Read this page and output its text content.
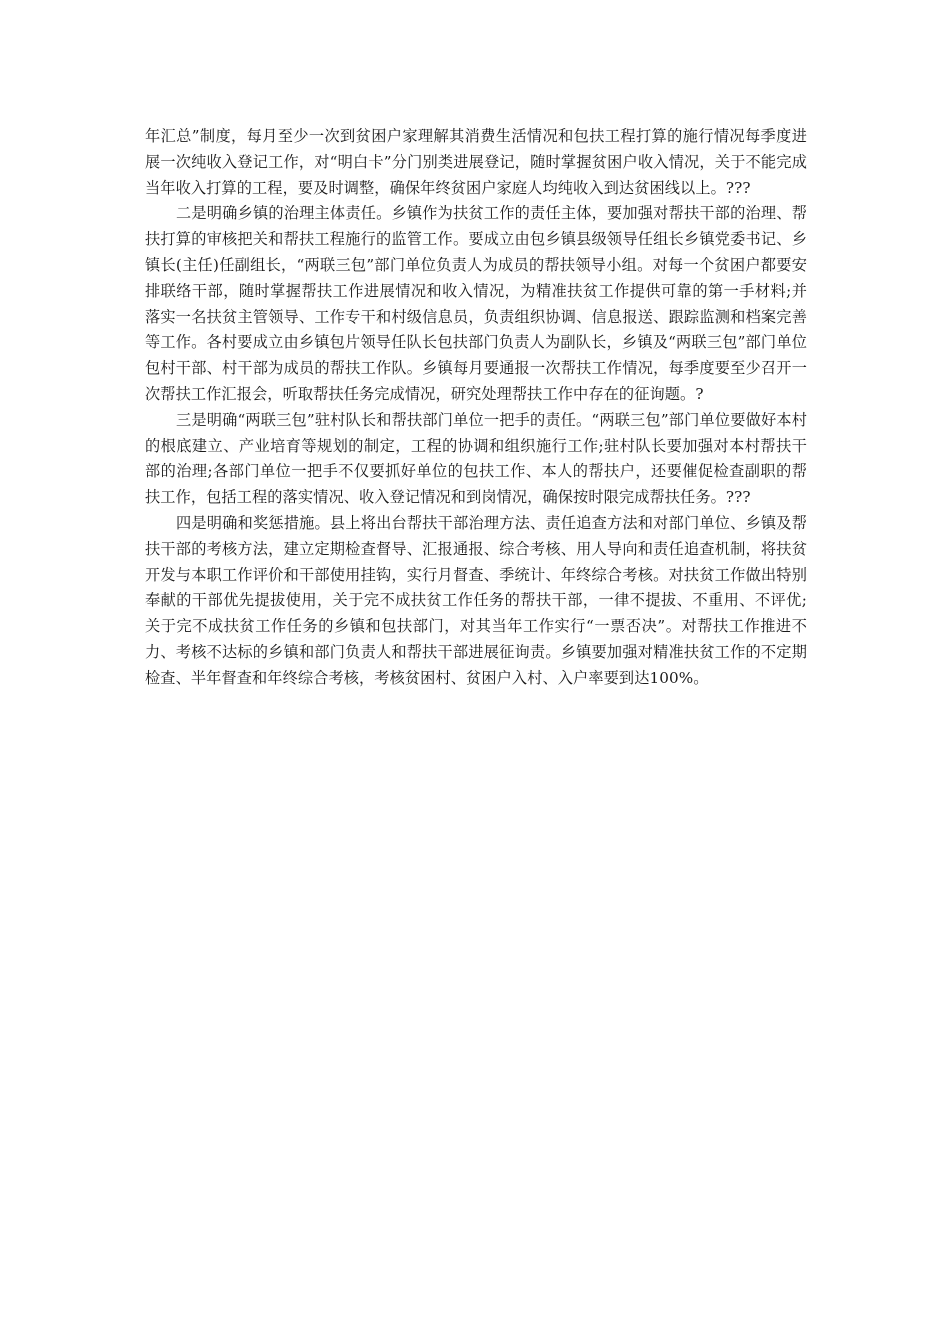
年汇总”制度，每月至少一次到贫困户家理解其消费生活情况和包扶工程打算的施行情况每季度进展一次纯收入登记工作，对“明白卡”分门别类进展登记，随时掌握贫困户收入情况，关于不能完成当年收入打算的工程，要及时调整，确保年终贫困户家庭人均纯收入到达贫困线以上。???

二是明确乡镇的治理主体责任。乡镇作为扶贫工作的责任主体，要加强对帮扶干部的治理、帮扶打算的审核把关和帮扶工程施行的监管工作。要成立由包乡镇县级领导任组长乡镇党委书记、乡镇长(主任)任副组长，“两联三包”部门单位负责人为成员的帮扶领导小组。对每一个贫困户都要安排联络干部，随时掌握帮扶工作进展情况和收入情况，为精准扶贫工作提供可靠的第一手材料;并落实一名扶贫主管领导、工作专干和村级信息员，负责组织协调、信息报送、跟踪监测和档案完善等工作。各村要成立由乡镇包片领导任队长包扶部门负责人为副队长，乡镇及“两联三包”部门单位包村干部、村干部为成员的帮扶工作队。乡镇每月要通报一次帮扶工作情况，每季度要至少召开一次帮扶工作汇报会，听取帮扶任务完成情况，研究处理帮扶工作中存在的征询题。?

三是明确“两联三包”驻村队长和帮扶部门单位一把手的责任。“两联三包”部门单位要做好本村的根底建立、产业培育等规划的制定，工程的协调和组织施行工作;驻村队长要加强对本村帮扶干部的治理;各部门单位一把手不仅要抓好单位的包扶工作、本人的帮扶户，还要催促检查副职的帮扶工作，包括工程的落实情况、收入登记情况和到岗情况，确保按时限完成帮扶任务。???

四是明确和奖惩措施。县上将出台帮扶干部治理方法、责任追查方法和对部门单位、乡镇及帮扶干部的考核方法，建立定期检查督导、汇报通报、综合考核、用人导向和责任追查机制，将扶贫开发与本职工作评价和干部使用挂钩，实行月督查、季统计、年终综合考核。对扶贫工作做出特别奉献的干部优先提拔使用，关于完不成扶贫工作任务的帮扶干部，一律不提拔、不重用、不评优;关于完不成扶贫工作任务的乡镇和包扶部门，对其当年工作实行“一票否决”。对帮扶工作推进不力、考核不达标的乡镇和部门负责人和帮扶干部进展征询责。乡镇要加强对精准扶贫工作的不定期检查、半年督查和年终综合考核，考核贫困村、贫困户入村、入户率要到达100%。
